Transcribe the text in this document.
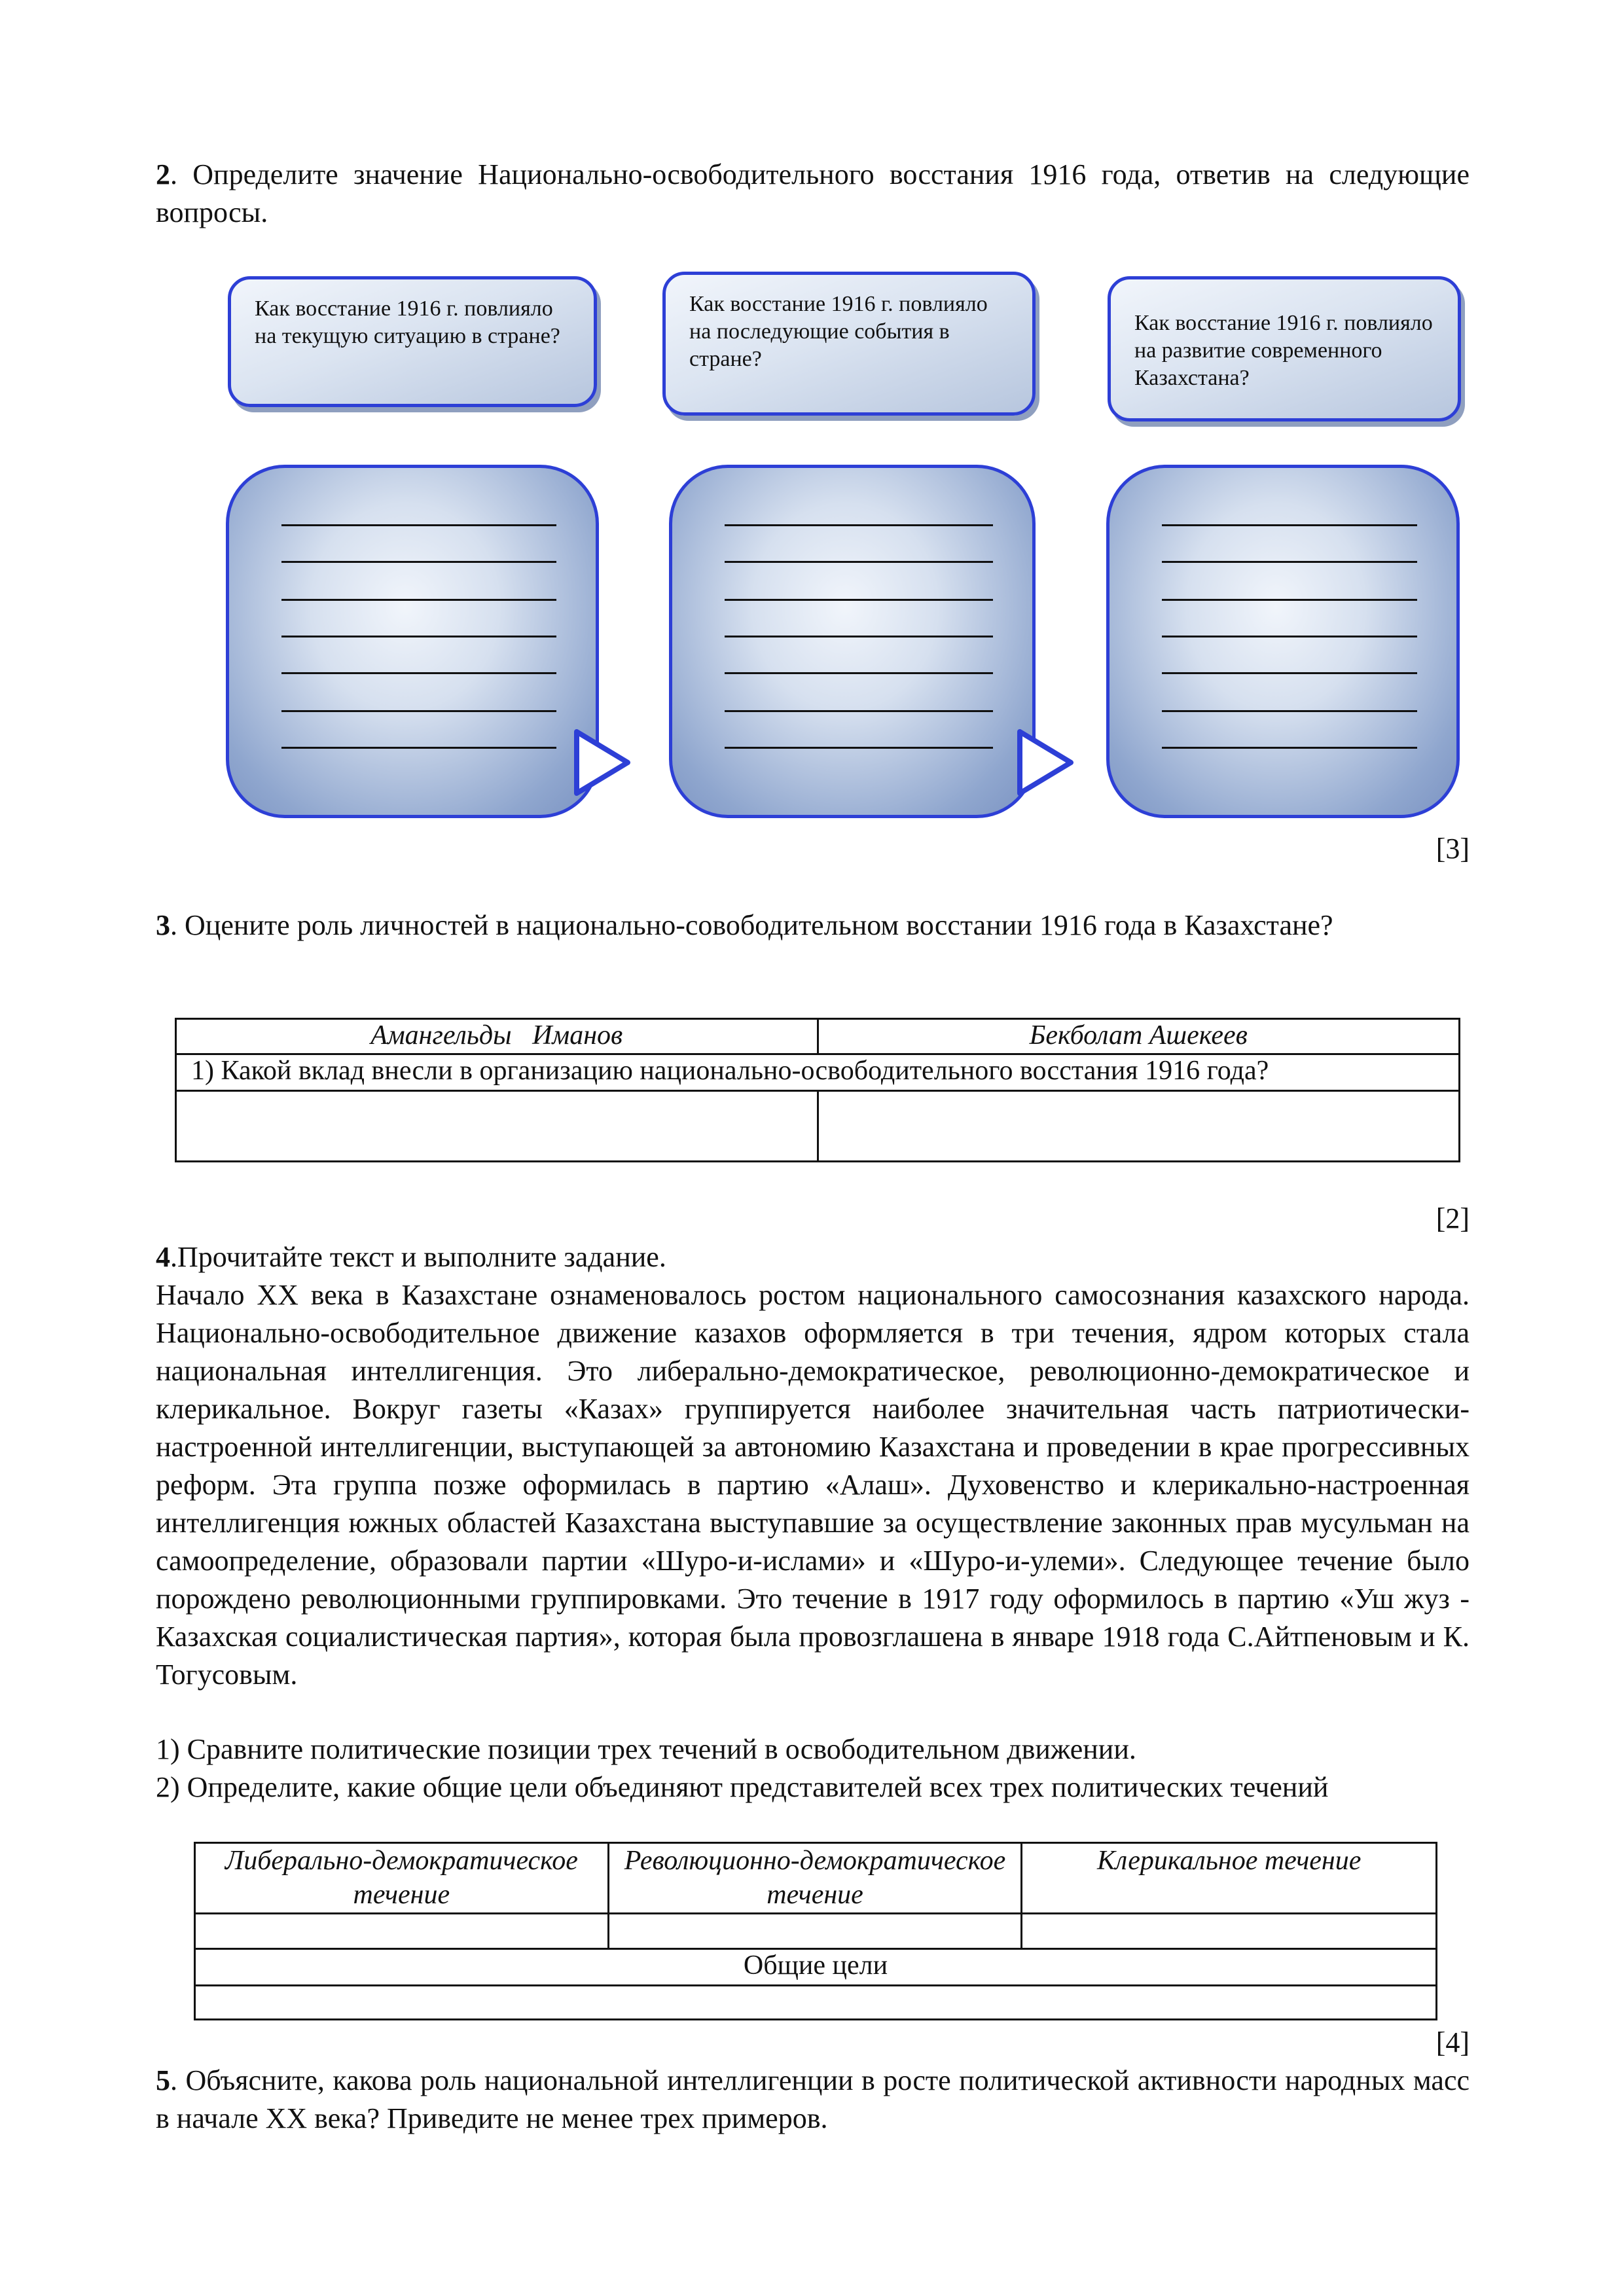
2. Определите значение Национально-освободительного восстания 1916 года, ответив на следующие вопросы.
Как восстание 1916 г. повлияло на текущую ситуацию в стране?
Как восстание 1916 г. повлияло на последующие события в стране?
Как восстание 1916 г. повлияло на развитие современного Казахстана?
[3]
3. Оцените роль личностей в национально-совободительном восстании 1916 года в Казахстане?
Амангельды   Иманов	Бекболат Ашекеев
1) Какой вклад внесли в организацию национально-освободительного восстания 1916 года?	

[2]
4.Прочитайте текст и выполните задание.
Начало XX века в Казахстане ознаменовалось ростом национального самосознания казахского народа. Национально-освободительное движение казахов оформляется в три течения, ядром которых стала национальная интеллигенция. Это либерально-демократическое, революционно-демократическое и клерикальное. Вокруг газеты «Казах» группируется наиболее значительная часть патриотически-настроенной интеллигенции, выступающей за автономию Казахстана и проведении в крае прогрессивных реформ. Эта группа позже оформилась в партию «Алаш». Духовенство и клерикально-настроенная интеллигенция южных областей Казахстана выступавшие за осуществление законных прав мусульман на самоопределение, образовали партии «Шуро-и-ислами» и «Шуро-и-улеми». Следующее течение было порождено революционными группировками. Это течение в 1917 году оформилось в партию «Уш жуз - Казахская социалистическая партия», которая была провозглашена в январе 1918 года С.Айтпеновым и К. Тогусовым.
1) Сравните политические позиции трех течений в освободительном движении.
2) Определите, какие общие цели объединяют представителей всех трех политических течений
Либерально-демократическое течение	Революционно-демократическое течение	Клерикальное течение

Общие цели		

[4]
5. Объясните, какова роль национальной интеллигенции в росте политической активности народных масс в начале XX века? Приведите не менее трех примеров.
